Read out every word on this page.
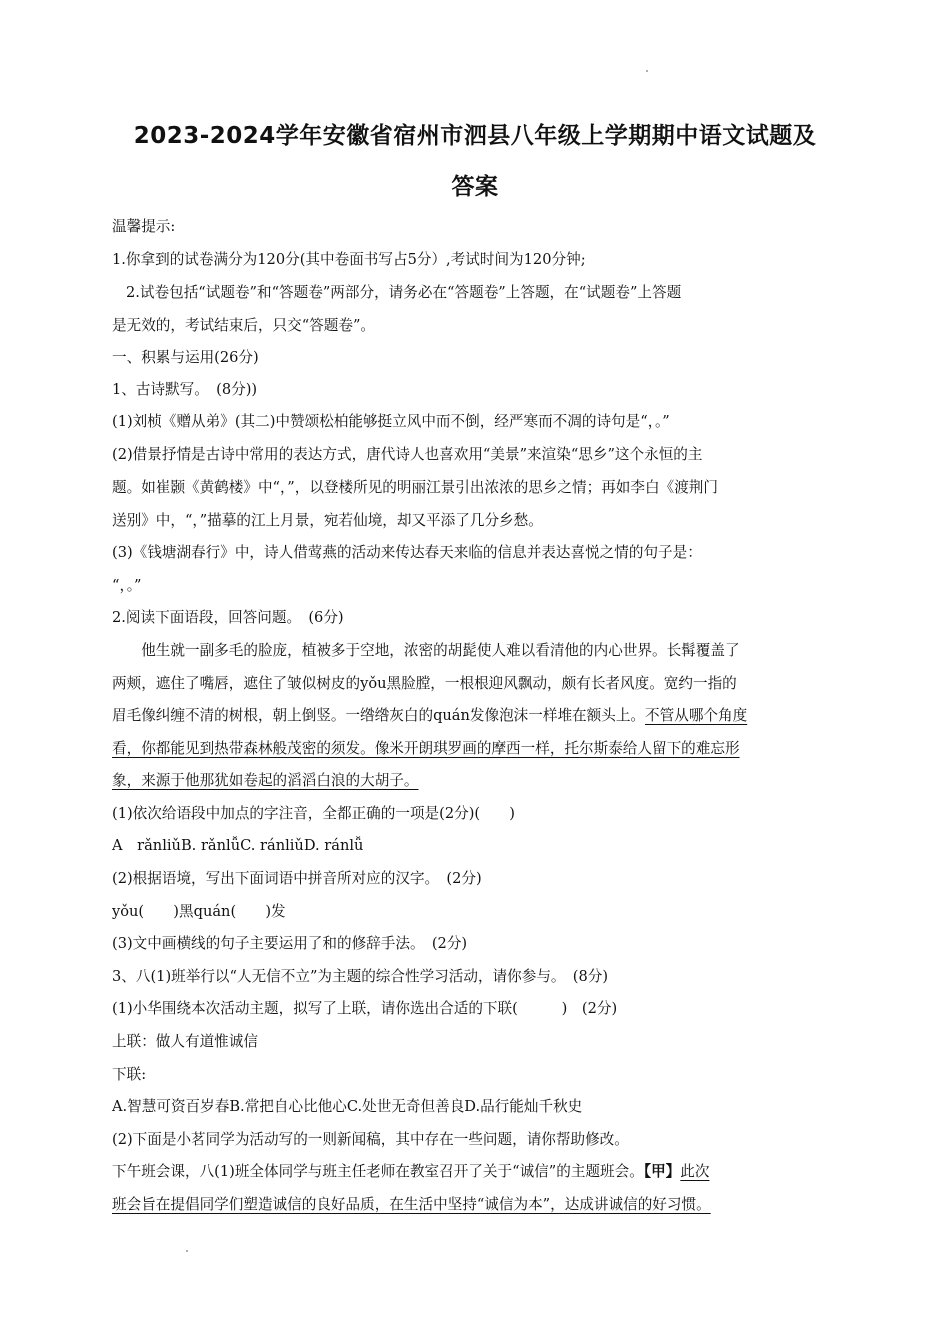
2023-2024学年安徽省宿州市泗县八年级上学期期中语文试题及
答案
温馨提示:
1.你拿到的试卷满分为120分(其中卷面书写占5分）,考试时间为120分钟;
2.试卷包括“试题卷”和“答题卷”两部分，请务必在“答题卷”上答题，在“试题卷”上答题
是无效的，考试结束后，只交“答题卷”。
一、积累与运用(26分)
1、古诗默写。　(8分))
(1)刘桢《赠从弟》(其二)中赞颂松柏能够挺立风中而不倒，经严寒而不凋的诗句是“，。”
(2)借景抒情是古诗中常用的表达方式，唐代诗人也喜欢用“美景”来渲染“思乡”这个永恒的主
题。如崔颢《黄鹤楼》中“，”，以登楼所见的明丽江景引出浓浓的思乡之情；再如李白《渡荆门
送别》中，“，”描摹的江上月景，宛若仙境，却又平添了几分乡愁。
(3)《钱塘湖春行》中，诗人借莺燕的活动来传达春天来临的信息并表达喜悦之情的句子是：
“，。”
2.阅读下面语段，回答问题。　(6分)
　　他生就一副多毛的脸庞，植被多于空地，浓密的胡髭使人难以看清他的内心世界。长髯覆盖了
两颊，遮住了嘴唇，遮住了皱似树皮的yǒu黑脸膛，一根根迎风飘动，颇有长者风度。宽约一指的
眉毛像纠缠不清的树根，朝上倒竖。一绺绺灰白的quán发像泡沫一样堆在额头上。不管从哪个角度
看，你都能见到热带森林般茂密的须发。像米开朗琪罗画的摩西一样，托尔斯泰给人留下的难忘形
象，来源于他那犹如卷起的滔滔白浪的大胡子。
(1)依次给语段中加点的字注音，全都正确的一项是(2分)(　　)
A　rǎnliǔB. rǎnlǚC. ránliǔD. ránlǚ
(2)根据语境，写出下面词语中拼音所对应的汉字。　(2分)
yǒu(　　)黑quán(　　)发
(3)文中画横线的句子主要运用了和的修辞手法。　(2分)
3、八(1)班举行以“人无信不立”为主题的综合性学习活动，请你参与。　(8分)
(1)小华围绕本次活动主题，拟写了上联，请你选出合适的下联(　　　)　(2分)
上联：做人有道惟诚信
下联:
A.智慧可资百岁春B.常把自心比他心C.处世无奇但善良D.品行能灿千秋史
(2)下面是小茗同学为活动写的一则新闻稿，其中存在一些问题，请你帮助修改。
下午班会课，八(1)班全体同学与班主任老师在教室召开了关于“诚信”的主题班会。【甲】此次
班会旨在提倡同学们塑造诚信的良好品质，在生活中坚持“诚信为本”，达成讲诚信的好习惯。
